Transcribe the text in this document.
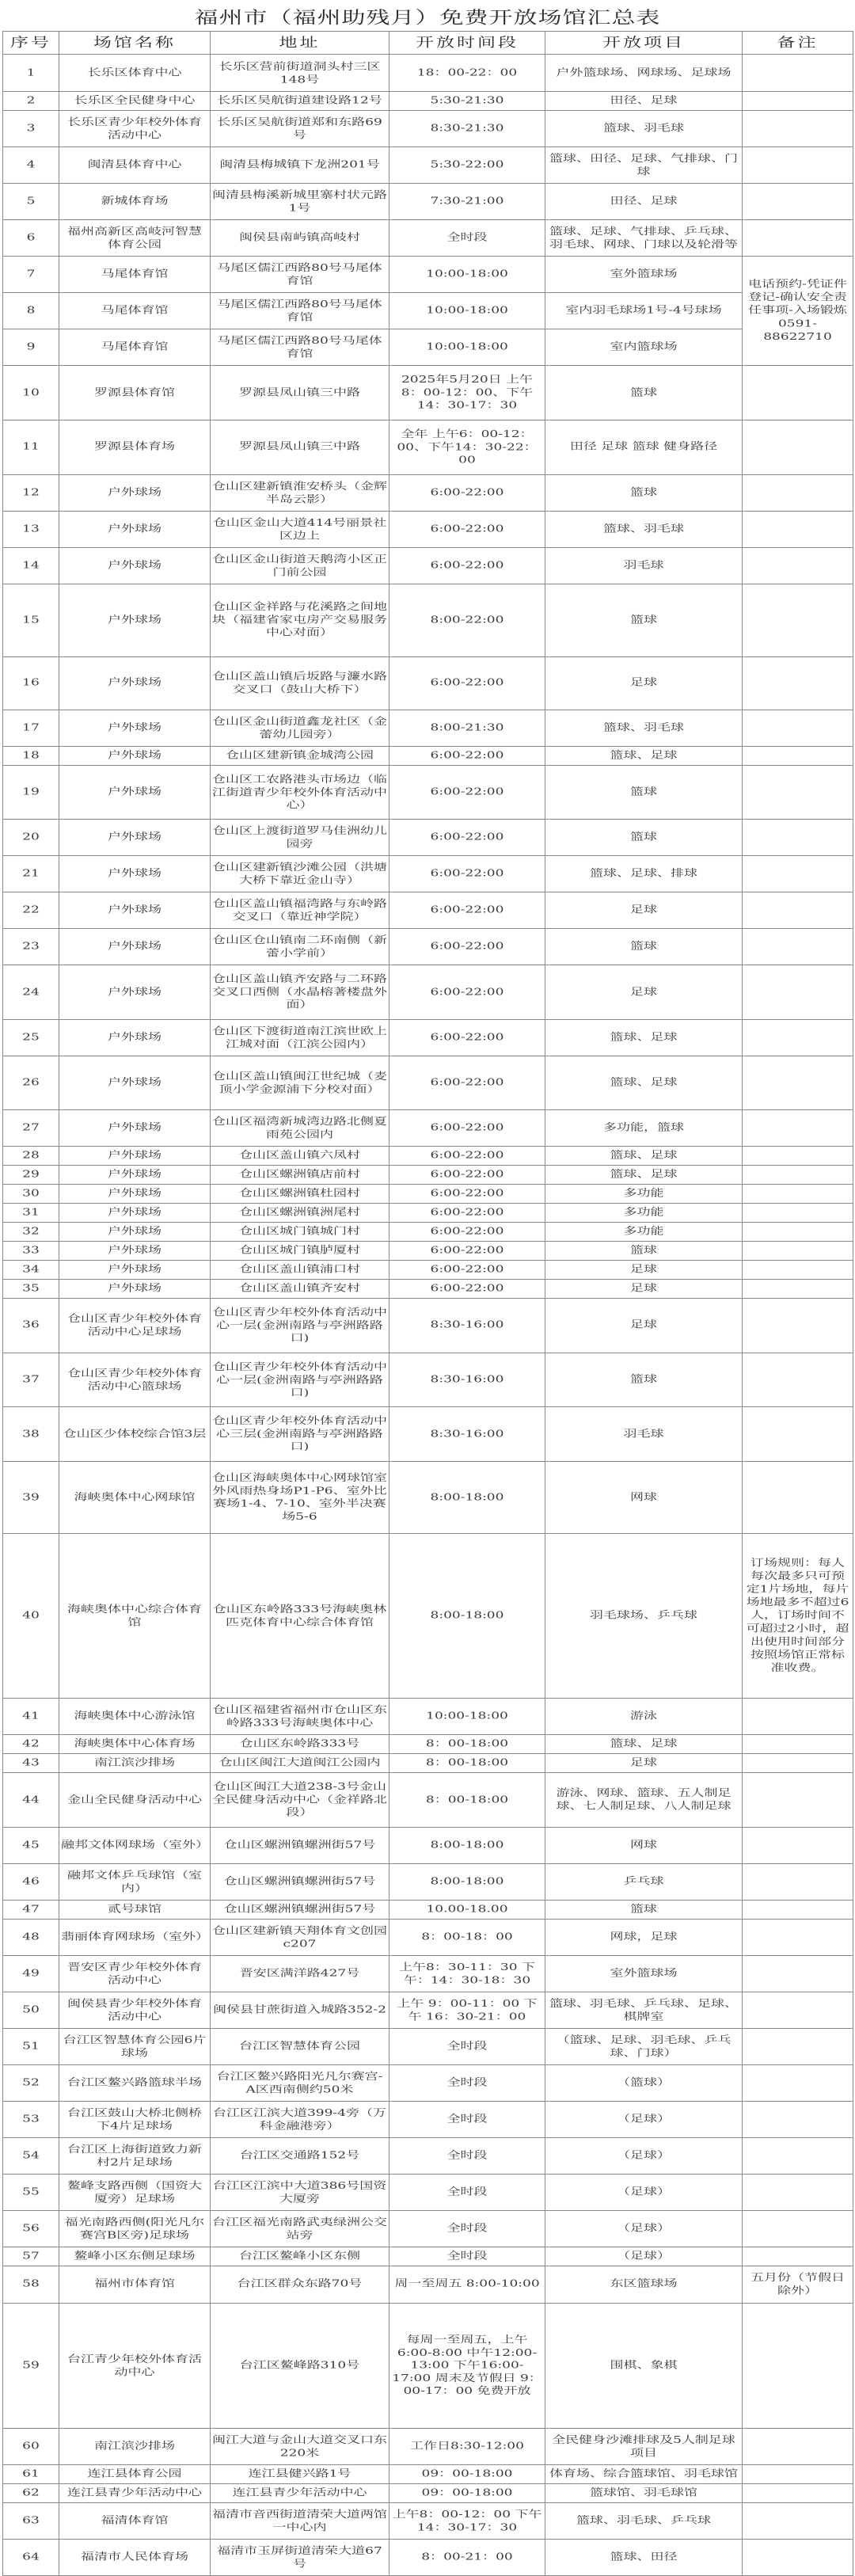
福州市（福州助残月）免费开放场馆汇总表
序号	场馆名称	地址	开放时间段	开放项目	备注
1	长乐区体育中心	长乐区营前街道洞头村三区148号	18：00-22：00	户外篮球场、网球场、足球场	
2	长乐区全民健身中心	长乐区吴航街道建设路12号	5:30-21:30	田径、足球	
3	长乐区青少年校外体育活动中心	长乐区吴航街道郑和东路69号	8:30-21:30	篮球、羽毛球	
4	闽清县体育中心	闽清县梅城镇下龙洲201号	5:30-22:00	篮球、田径、足球、气排球、门球	
5	新城体育场	闽清县梅溪新城里寨村状元路1号	7:30-21:00	田径、足球	
6	福州高新区高岐河智慧体育公园	闽侯县南屿镇高岐村	全时段	篮球、足球、气排球、乒乓球、羽毛球、网球、门球以及轮滑等	
7	马尾体育馆	马尾区儒江西路80号马尾体育馆	10:00-18:00	室外篮球场	电话预约-凭证件登记-确认安全责任事项-入场锻炼0591-88622710
8	马尾体育馆	马尾区儒江西路80号马尾体育馆	10:00-18:00	室内羽毛球场1号-4号球场	
9	马尾体育馆	马尾区儒江西路80号马尾体育馆	10:00-18:00	室内篮球场	
10	罗源县体育馆	罗源县凤山镇三中路	2025年5月20日 上午8：00-12：00、下午14：30-17：30	篮球	
11	罗源县体育场	罗源县凤山镇三中路	全年 上午6：00-12：00、下午14：30-22：00	田径 足球 篮球 健身路径	
12	户外球场	仓山区建新镇淮安桥头（金辉半岛云影）	6:00-22:00	篮球	
13	户外球场	仓山区金山大道414号丽景社区边上	6:00-22:00	篮球、羽毛球	
14	户外球场	仓山区金山街道天鹅湾小区正门前公园	6:00-22:00	羽毛球	
15	户外球场	仓山区金祥路与花溪路之间地块（福建省家屯房产交易服务中心对面）	8:00-22:00	篮球	
16	户外球场	仓山区盖山镇后坂路与濂水路交叉口（鼓山大桥下）	6:00-22:00	足球	
17	户外球场	仓山区金山街道鑫龙社区（金蕾幼儿园旁）	8:00-21:30	篮球、羽毛球	
18	户外球场	仓山区建新镇金城湾公园	6:00-22:00	篮球、足球	
19	户外球场	仓山区工农路港头市场边（临江街道青少年校外体育活动中心）	6:00-22:00	篮球	
20	户外球场	仓山区上渡街道罗马佳洲幼儿园旁	6:00-22:00	篮球	
21	户外球场	仓山区建新镇沙滩公园（洪塘大桥下靠近金山寺）	6:00-22:00	篮球、足球、排球	
22	户外球场	仓山区盖山镇福湾路与东岭路交叉口（靠近神学院）	6:00-22:00	足球	
23	户外球场	仓山区仓山镇南二环南侧（新蕾小学前）	6:00-22:00	篮球	
24	户外球场	仓山区盖山镇齐安路与二环路交叉口西侧（水晶榕著楼盘外面）	6:00-22:00	足球	
25	户外球场	仓山区下渡街道南江滨世欧上江城对面（江滨公园内）	6:00-22:00	篮球、足球	
26	户外球场	仓山区盖山镇闽江世纪城（麦顶小学金源浦下分校对面）	6:00-22:00	篮球、足球	
27	户外球场	仓山区福湾新城湾边路北侧夏雨苑公园内	6:00-22:00	多功能，篮球	
28	户外球场	仓山区盖山镇六凤村	6:00-22:00	篮球、足球	
29	户外球场	仓山区螺洲镇店前村	6:00-22:00	篮球、足球	
30	户外球场	仓山区螺洲镇杜园村	6:00-22:00	多功能	
31	户外球场	仓山区螺洲镇洲尾村	6:00-22:00	多功能	
32	户外球场	仓山区城门镇城门村	6:00-22:00	多功能	
33	户外球场	仓山区城门镇胪厦村	6:00-22:00	篮球	
34	户外球场	仓山区盖山镇浦口村	6:00-22:00	足球	
35	户外球场	仓山区盖山镇齐安村	6:00-22:00	足球	
36	仓山区青少年校外体育活动中心足球场	仓山区青少年校外体育活动中心一层(金洲南路与亭洲路路口)	8:30-16:00	足球	
37	仓山区青少年校外体育活动中心篮球场	仓山区青少年校外体育活动中心一层(金洲南路与亭洲路路口)	8:30-16:00	篮球	
38	仓山区少体校综合馆3层	仓山区青少年校外体育活动中心三层(金洲南路与亭洲路路口)	8:30-16:00	羽毛球	
39	海峡奥体中心网球馆	仓山区海峡奥体中心网球馆室外风雨热身场P1-P6、室外比赛场1-4、7-10、室外半决赛场5-6	8:00-18:00	网球	
40	海峡奥体中心综合体育馆	仓山区东岭路333号海峡奥林匹克体育中心综合体育馆	8:00-18:00	羽毛球场、乒乓球	订场规则：每人每次最多只可预定1片场地，每片场地最多不超过6人，订场时间不可超过2小时，超出使用时间部分按照场馆正常标准收费。
41	海峡奥体中心游泳馆	仓山区福建省福州市仓山区东岭路333号海峡奥体中心	10:00-18:00	游泳	
42	海峡奥体中心体育场	仓山区东岭路333号	8：00-18:00	篮球、足球	
43	南江滨沙排场	仓山区闽江大道闽江公园内	8：00-18:00	足球	
44	金山全民健身活动中心	仓山区闽江大道238-3号金山全民健身活动中心（金祥路北段）	8：00-18:00	游泳、网球、篮球、五人制足球、七人制足球、八人制足球	
45	融邦文体网球场（室外）	仓山区螺洲镇螺洲街57号	8:00-18:00	网球	
46	融邦文体乒乓球馆（室内）	仓山区螺洲镇螺洲街57号	8:00-18:00	乒乓球	
47	贰号球馆	仓山区螺洲镇螺洲街57号	10.00-18.00	篮球	
48	翡丽体育网球场（室外）	仓山区建新镇天翔体育文创园c207	8：00-18：00	网球，足球	
49	晋安区青少年校外体育活动中心	晋安区满洋路427号	上午8：30-11：30 下午：14：30-18：30	室外篮球场	
50	闽侯县青少年校外体育活动中心	闽侯县甘蔗街道入城路352-2	上午 9：00-11：00 下午 16：30-21：00	篮球、羽毛球、乒乓球、足球、棋牌室	
51	台江区智慧体育公园6片球场	台江区智慧体育公园	全时段	（篮球、足球、羽毛球、乒乓球、门球）	
52	台江区鳌兴路篮球半场	台江区鳌兴路阳光凡尔赛宫-A区西南侧约50米	全时段	（篮球）	
53	台江区鼓山大桥北侧桥下4片足球场	台江区江滨大道399-4旁（万科金融港旁）	全时段	（足球）	
54	台江区上海街道致力新村2片足球场	台江区交通路152号	全时段	（足球）	
55	鳌峰支路西侧（国资大厦旁）足球场	台江区江滨中大道386号国资大厦旁	全时段	（足球）	
56	福光南路西侧(阳光凡尔赛宫B区旁)足球场	台江区福光南路武夷绿洲公交站旁	全时段	（足球）	
57	鳌峰小区东侧足球场	台江区鳌峰小区东侧	全时段	（足球）	
58	福州市体育馆	台江区群众东路70号	周一至周五 8:00-10:00	东区篮球场	五月份（节假日除外）
59	台江青少年校外体育活动中心	台江区鳌峰路310号	每周一至周五，上午6:00-8:00 中午12:00-13:00 下午16:00-17:00 周末及节假日 9：00-17：00 免费开放	围棋、象棋	
60	南江滨沙排场	闽江大道与金山大道交叉口东220米	工作日8:30-12:00	全民健身沙滩排球及5人制足球项目	
61	连江县体育公园	连江县健兴路1号	09：00-18:00	体育场、综合篮球馆、羽毛球馆	
62	连江县青少年活动中心	连江县青少年活动中心	09：00-18:00	篮球馆、羽毛球馆	
63	福清体育馆	福清市音西街道清荣大道两馆一中心内	上午8：00-12：00 下午14：30-17：30	篮球、羽毛球、乒乓球	
64	福清市人民体育场	福清市玉屏街道清荣大道67号	8：00-21：00	篮球、田径	
